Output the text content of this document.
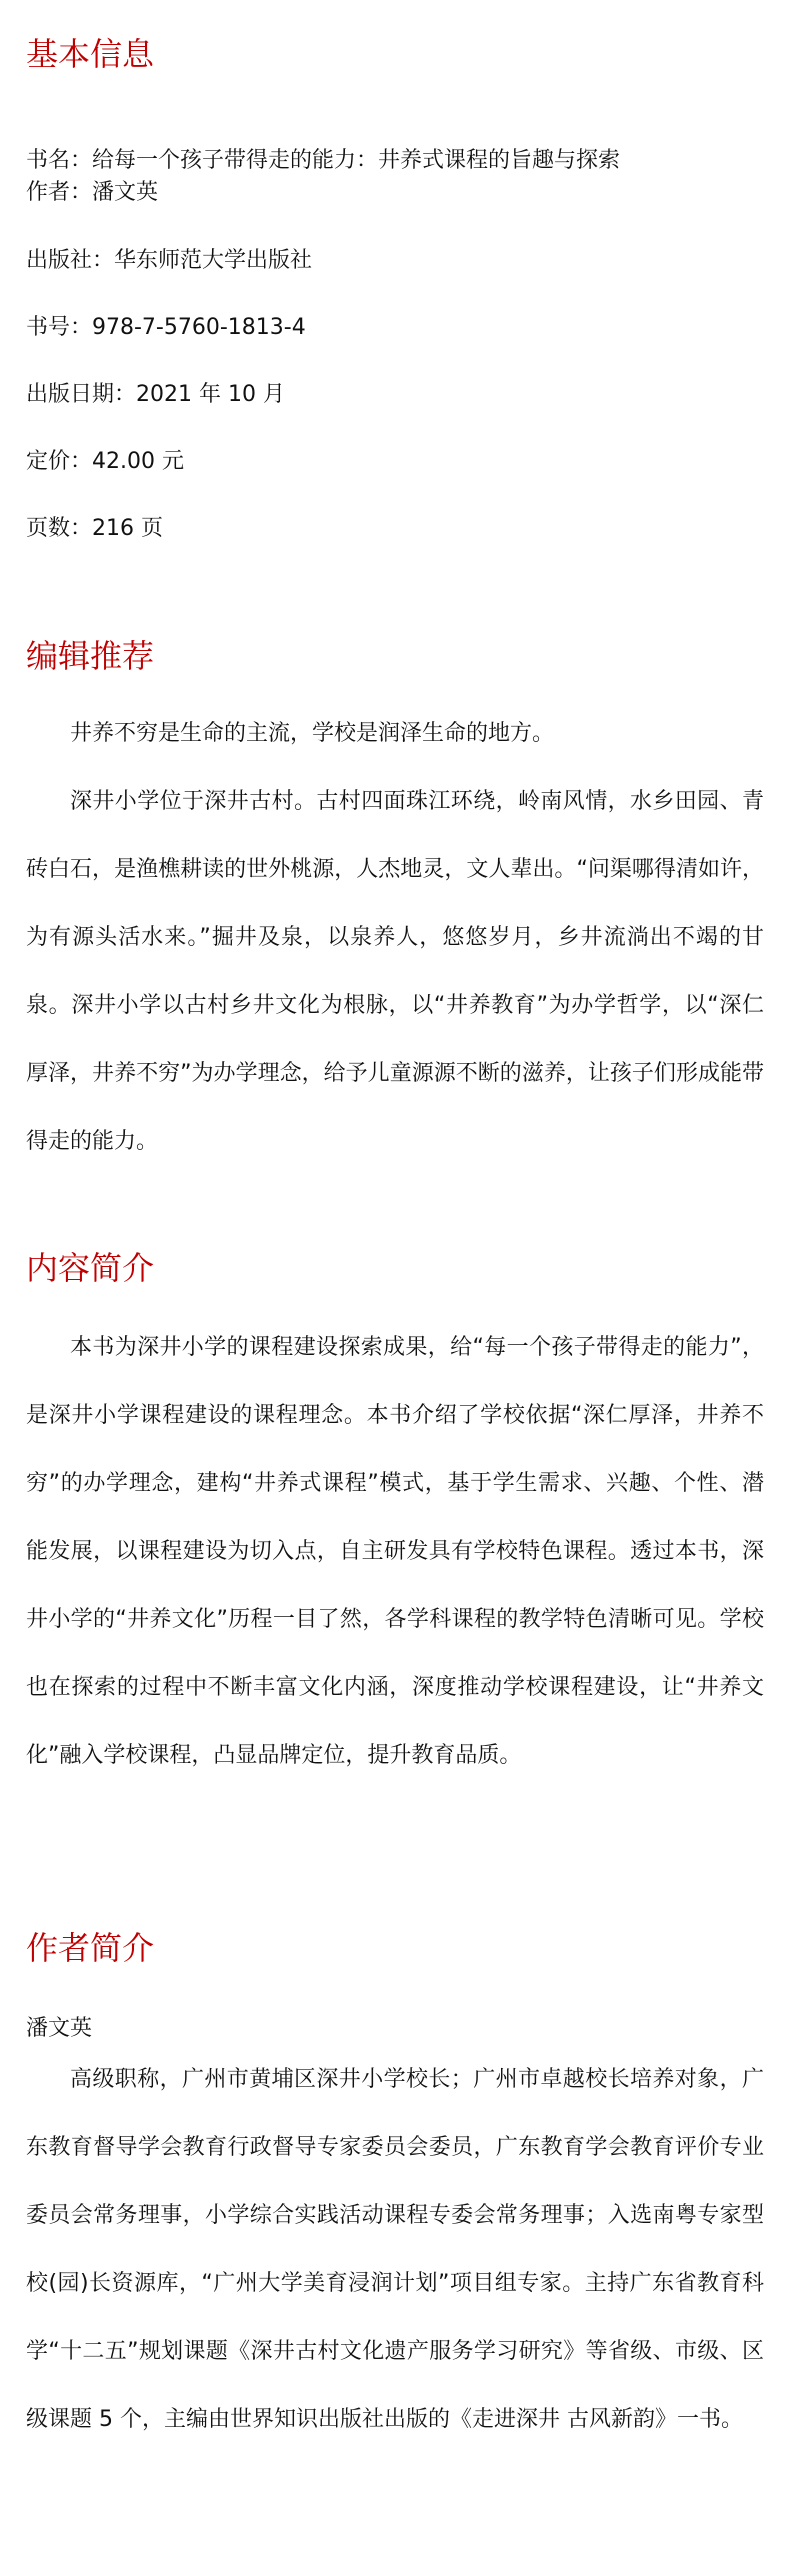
基本信息

书名：给每一个孩子带得走的能力：井养式课程的旨趣与探索

作者：潘文英

出版社：华东师范大学出版社

书号：978-7-5760-1813-4

出版日期：2021 年 10 月

定价：42.00 元

页数：216 页

编辑推荐

井养不穷是生命的主流，学校是润泽生命的地方。

深井小学位于深井古村。古村四面珠江环绕，岭南风情，水乡田园、青砖白石，是渔樵耕读的世外桃源，人杰地灵，文人辈出。“问渠哪得清如许，为有源头活水来。”掘井及泉，以泉养人，悠悠岁月，乡井流淌出不竭的甘泉。深井小学以古村乡井文化为根脉，以“井养教育”为办学哲学，以“深仁厚泽，井养不穷”为办学理念，给予儿童源源不断的滋养，让孩子们形成能带得走的能力。

内容简介

本书为深井小学的课程建设探索成果，给“每一个孩子带得走的能力”，是深井小学课程建设的课程理念。本书介绍了学校依据“深仁厚泽，井养不穷”的办学理念，建构“井养式课程”模式，基于学生需求、兴趣、个性、潜能发展，以课程建设为切入点，自主研发具有学校特色课程。透过本书，深井小学的“井养文化”历程一目了然，各学科课程的教学特色清晰可见。学校也在探索的过程中不断丰富文化内涵，深度推动学校课程建设，让“井养文化”融入学校课程，凸显品牌定位，提升教育品质。

作者简介

潘文英

高级职称，广州市黄埔区深井小学校长；广州市卓越校长培养对象，广东教育督导学会教育行政督导专家委员会委员，广东教育学会教育评价专业委员会常务理事，小学综合实践活动课程专委会常务理事；入选南粤专家型校(园)长资源库，“广州大学美育浸润计划”项目组专家。主持广东省教育科学“十二五”规划课题《深井古村文化遗产服务学习研究》等省级、市级、区级课题 5 个，主编由世界知识出版社出版的《走进深井 古风新韵》一书。
